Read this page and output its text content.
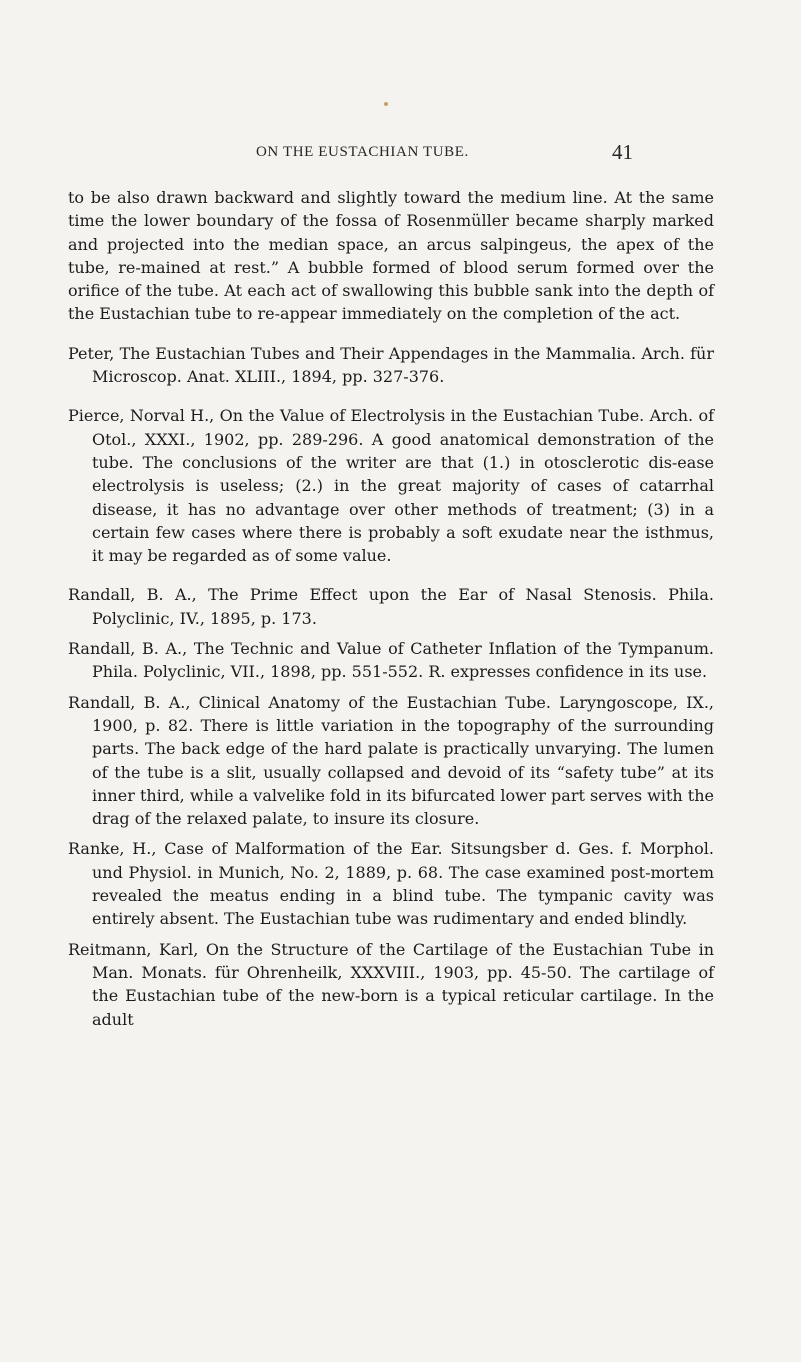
ON THE EUSTACHIAN TUBE.	41

to be also drawn backward and slightly toward the medium line. At the same time the lower boundary of the fossa of Rosenmüller became sharply marked and projected into the median space, an arcus salpingeus, the apex of the tube, re-mained at rest.” A bubble formed of blood serum formed over the orifice of the tube. At each act of swallowing this bubble sank into the depth of the Eustachian tube to re-appear immediately on the completion of the act.

Peter, The Eustachian Tubes and Their Appendages in the Mammalia. Arch. für Microscop. Anat. XLIII., 1894, pp. 327-376.

Pierce, Norval H., On the Value of Electrolysis in the Eustachian Tube. Arch. of Otol., XXXI., 1902, pp. 289-296. A good anatomical demonstration of the tube. The conclusions of the writer are that (1.) in otosclerotic dis-ease electrolysis is useless; (2.) in the great majority of cases of catarrhal disease, it has no advantage over other methods of treatment; (3) in a certain few cases where there is probably a soft exudate near the isthmus, it may be regarded as of some value.

Randall, B. A., The Prime Effect upon the Ear of Nasal Stenosis. Phila. Polyclinic, IV., 1895, p. 173.

Randall, B. A., The Technic and Value of Catheter Inflation of the Tympanum. Phila. Polyclinic, VII., 1898, pp. 551-552. R. expresses confidence in its use.

Randall, B. A., Clinical Anatomy of the Eustachian Tube. Laryngoscope, IX., 1900, p. 82. There is little variation in the topography of the surrounding parts. The back edge of the hard palate is practically unvarying. The lumen of the tube is a slit, usually collapsed and devoid of its “safety tube” at its inner third, while a valvelike fold in its bifurcated lower part serves with the drag of the relaxed palate, to insure its closure.

Ranke, H., Case of Malformation of the Ear. Sitsungsber d. Ges. f. Morphol. und Physiol. in Munich, No. 2, 1889, p. 68. The case examined post-mortem revealed the meatus ending in a blind tube. The tympanic cavity was entirely absent. The Eustachian tube was rudimentary and ended blindly.

Reitmann, Karl, On the Structure of the Cartilage of the Eustachian Tube in Man. Monats. für Ohrenheilk, XXXVIII., 1903, pp. 45-50. The cartilage of the Eustachian tube of the new-born is a typical reticular cartilage. In the adult
